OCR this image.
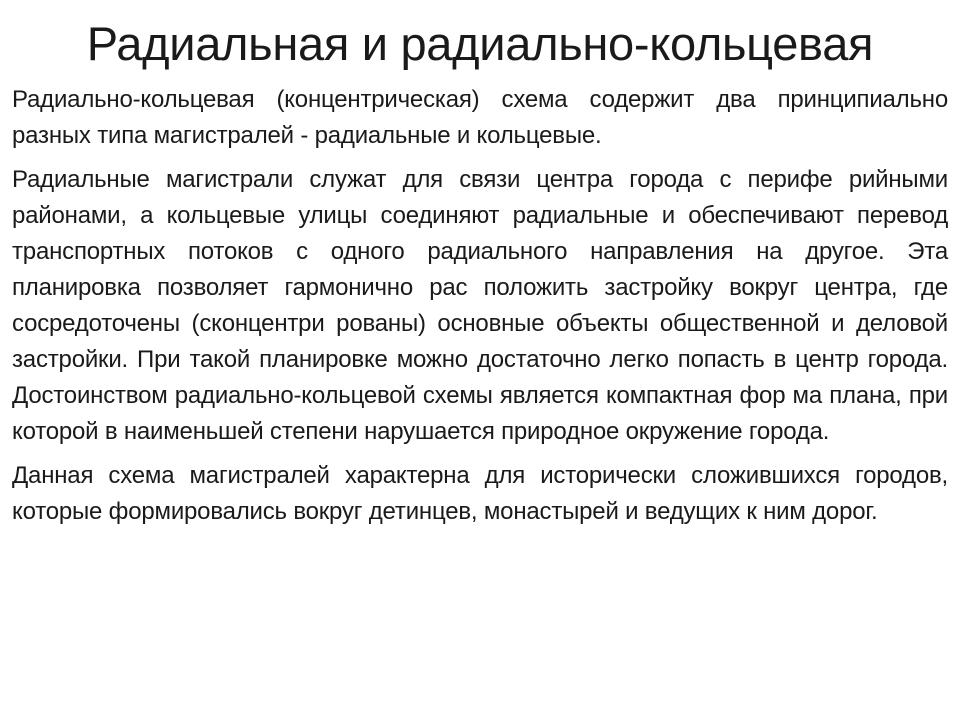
Радиальная и радиально-кольцевая

Радиально-кольцевая (концентрическая) схема содержит два принципиально разных типа магистралей - радиальные и кольцевые.

Радиальные магистрали служат для связи центра города с перифе рийными районами, а кольцевые улицы соединяют радиальные и обеспечивают перевод транспортных потоков с одного радиального направления на другое. Эта планировка позволяет гармонично рас положить застройку вокруг центра, где сосредоточены (сконцентри рованы) основные объекты общественной и деловой застройки. При такой планировке можно достаточно легко попасть в центр города. Достоинством радиально-кольцевой схемы является компактная фор ма плана, при которой в наименьшей степени нарушается природное окружение города.

Данная схема магистралей характерна для исторически сложившихся городов, которые формировались вокруг детинцев, монастырей и ведущих к ним дорог.
